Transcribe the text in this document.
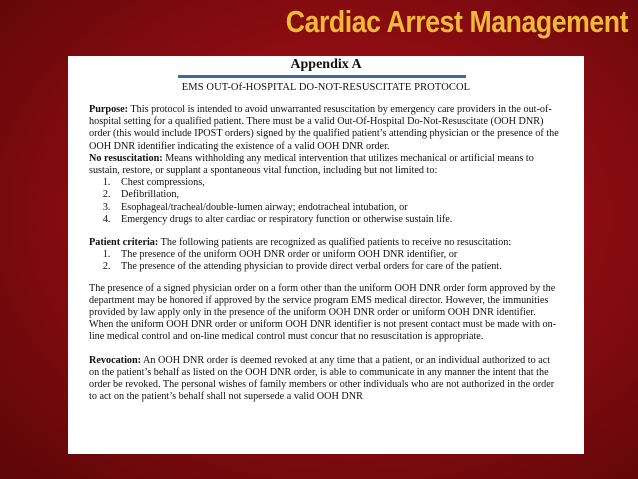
Cardiac Arrest Management
Appendix A
EMS OUT-Of-HOSPITAL DO-NOT-RESUSCITATE PROTOCOL
Purpose: This protocol is intended to avoid unwarranted resuscitation by emergency care providers in the out-of-hospital setting for a qualified patient. There must be a valid Out-Of-Hospital Do-Not-Resuscitate (OOH DNR) order (this would include IPOST orders) signed by the qualified patient’s attending physician or the presence of the OOH DNR identifier indicating the existence of a valid OOH DNR order.
No resuscitation: Means withholding any medical intervention that utilizes mechanical or artificial means to sustain, restore, or supplant a spontaneous vital function, including but not limited to:
1. Chest compressions,
2. Defibrillation,
3. Esophageal/tracheal/double-lumen airway; endotracheal intubation, or
4. Emergency drugs to alter cardiac or respiratory function or otherwise sustain life.
Patient criteria: The following patients are recognized as qualified patients to receive no resuscitation:
1. The presence of the uniform OOH DNR order or uniform OOH DNR identifier, or
2. The presence of the attending physician to provide direct verbal orders for care of the patient.
The presence of a signed physician order on a form other than the uniform OOH DNR order form approved by the department may be honored if approved by the service program EMS medical director. However, the immunities provided by law apply only in the presence of the uniform OOH DNR order or uniform OOH DNR identifier. When the uniform OOH DNR order or uniform OOH DNR identifier is not present contact must be made with on-line medical control and on-line medical control must concur that no resuscitation is appropriate.
Revocation: An OOH DNR order is deemed revoked at any time that a patient, or an individual authorized to act on the patient’s behalf as listed on the OOH DNR order, is able to communicate in any manner the intent that the order be revoked. The personal wishes of family members or other individuals who are not authorized in the order to act on the patient’s behalf shall not supersede a valid OOH DNR
